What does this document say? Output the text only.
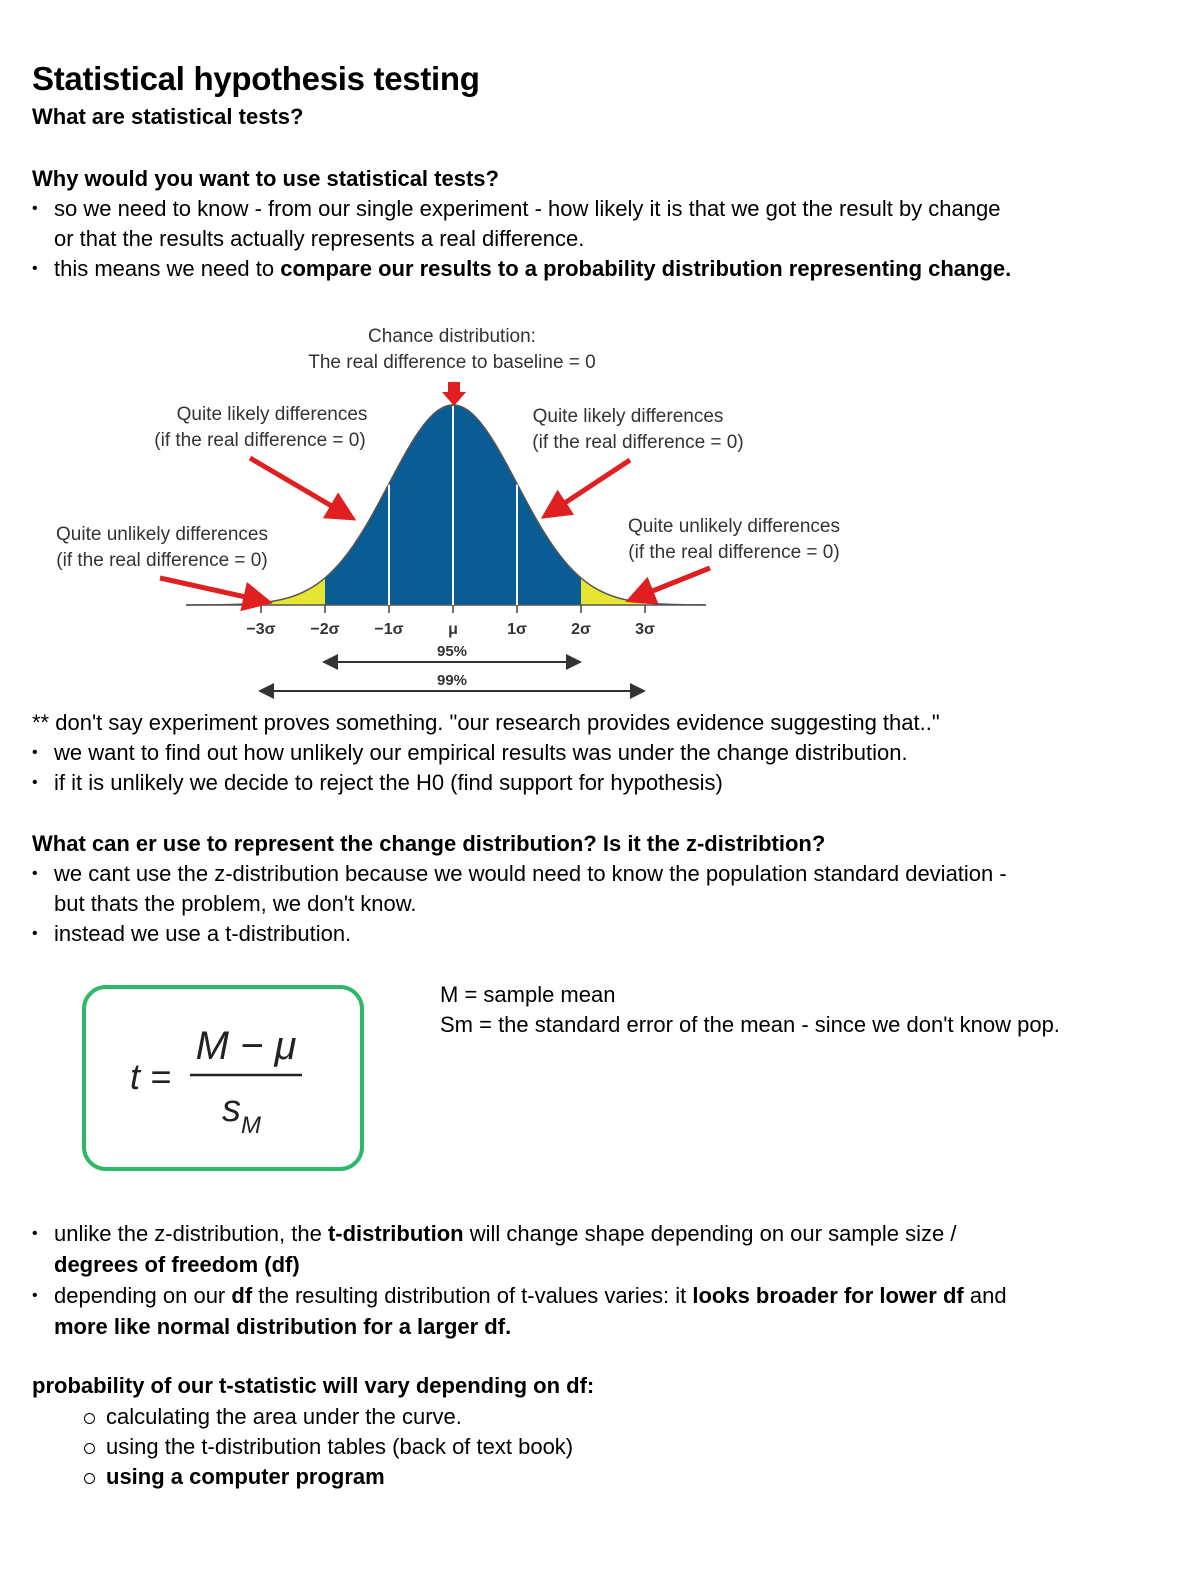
Statistical hypothesis testing

What are statistical tests?

Why would you want to use statistical tests?

• so we need to know - from our single experiment - how likely it is that we got the result by change
or that the results actually represents a real difference.
• this means we need to compare our results to a probability distribution representing change.
−3σ −2σ −1σ	μ	1σ	2σ	3σ
Chance distribution:
The real difference to baseline = 0
Quite likely differences
(if the real difference = 0)
Quite likely differences
(if the real difference = 0)
Quite unlikely differences
(if the real difference = 0)
Quite unlikely differences
(if the real difference = 0)
95%
99%

** don't say experiment proves something. "our research provides evidence suggesting that.."

• we want to find out how unlikely our empirical results was under the change distribution.
• if it is unlikely we decide to reject the H0 (find support for hypothesis)

What can er use to represent the change distribution? Is it the z-distribtion?

• we cant use the z-distribution because we would need to know the population standard deviation -
but thats the problem, we don't know.
• instead we use a t-distribution.
t =
M − μ
s M
M = sample mean
Sm = the standard error of the mean - since we don't know pop.
• unlike the z-distribution, the t-distribution will change shape depending on our sample size /
degrees of freedom (df)
• depending on our df the resulting distribution of t-values varies: it looks broader for lower df and
more like normal distribution for a larger df.

probability of our t-statistic will vary depending on df:

calculating the area under the curve.
using the t-distribution tables (back of text book)
using a computer program
